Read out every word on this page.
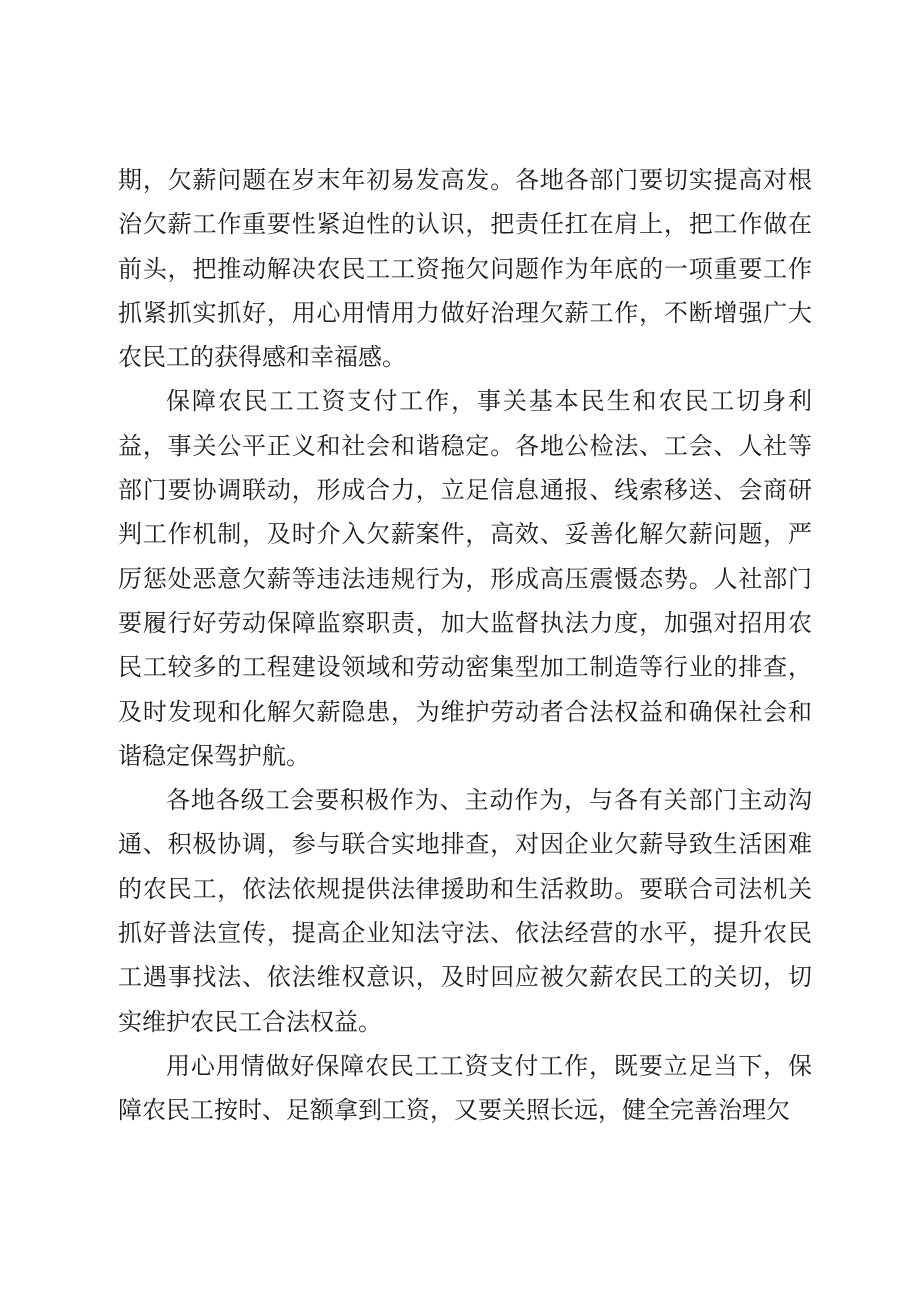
期，欠薪问题在岁末年初易发高发。各地各部门要切实提高对根治欠薪工作重要性紧迫性的认识，把责任扛在肩上，把工作做在前头，把推动解决农民工工资拖欠问题作为年底的一项重要工作抓紧抓实抓好，用心用情用力做好治理欠薪工作，不断增强广大农民工的获得感和幸福感。

保障农民工工资支付工作，事关基本民生和农民工切身利益，事关公平正义和社会和谐稳定。各地公检法、工会、人社等部门要协调联动，形成合力，立足信息通报、线索移送、会商研判工作机制，及时介入欠薪案件，高效、妥善化解欠薪问题，严厉惩处恶意欠薪等违法违规行为，形成高压震慑态势。人社部门要履行好劳动保障监察职责，加大监督执法力度，加强对招用农民工较多的工程建设领域和劳动密集型加工制造等行业的排查，及时发现和化解欠薪隐患，为维护劳动者合法权益和确保社会和谐稳定保驾护航。

各地各级工会要积极作为、主动作为，与各有关部门主动沟通、积极协调，参与联合实地排查，对因企业欠薪导致生活困难的农民工，依法依规提供法律援助和生活救助。要联合司法机关抓好普法宣传，提高企业知法守法、依法经营的水平，提升农民工遇事找法、依法维权意识，及时回应被欠薪农民工的关切，切实维护农民工合法权益。

用心用情做好保障农民工工资支付工作，既要立足当下，保障农民工按时、足额拿到工资，又要关照长远，健全完善治理欠
